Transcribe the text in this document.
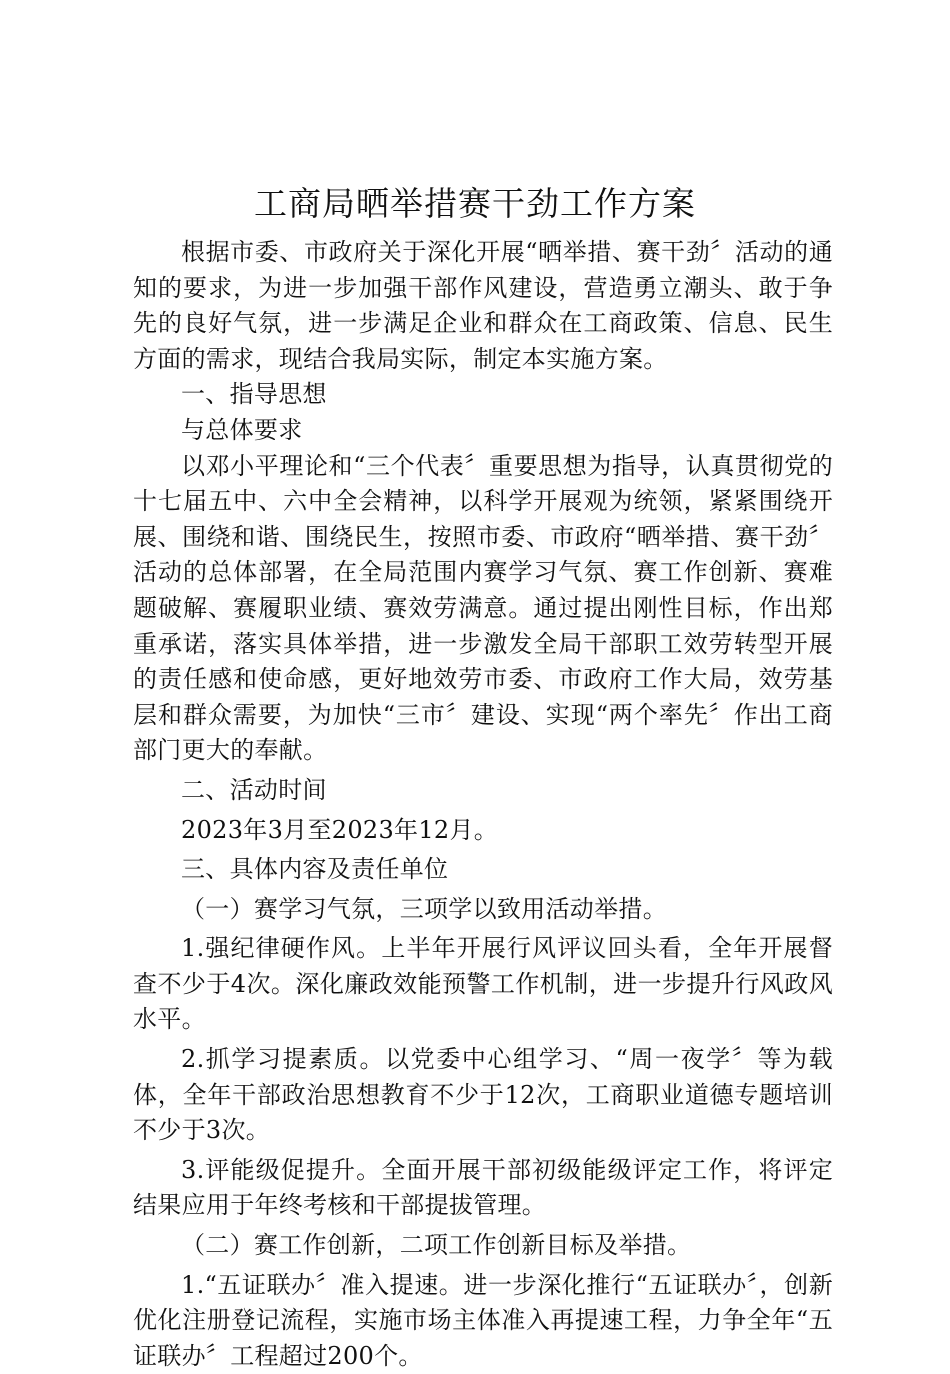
工商局晒举措赛干劲工作方案

根据市委、市政府关于深化开展“晒举措、赛干劲〞活动的通知的要求，为进一步加强干部作风建设，营造勇立潮头、敢于争先的良好气氛，进一步满足企业和群众在工商政策、信息、民生方面的需求，现结合我局实际，制定本实施方案。

一、指导思想

与总体要求

以邓小平理论和“三个代表〞重要思想为指导，认真贯彻党的十七届五中、六中全会精神，以科学开展观为统领，紧紧围绕开展、围绕和谐、围绕民生，按照市委、市政府“晒举措、赛干劲〞活动的总体部署，在全局范围内赛学习气氛、赛工作创新、赛难题破解、赛履职业绩、赛效劳满意。通过提出刚性目标，作出郑重承诺，落实具体举措，进一步激发全局干部职工效劳转型开展的责任感和使命感，更好地效劳市委、市政府工作大局，效劳基层和群众需要，为加快“三市〞建设、实现“两个率先〞作出工商部门更大的奉献。

二、活动时间

2023年3月至2023年12月。

三、具体内容及责任单位

（一）赛学习气氛，三项学以致用活动举措。

1.强纪律硬作风。上半年开展行风评议回头看，全年开展督查不少于4次。深化廉政效能预警工作机制，进一步提升行风政风水平。

2.抓学习提素质。以党委中心组学习、“周一夜学〞等为载体，全年干部政治思想教育不少于12次，工商职业道德专题培训不少于3次。

3.评能级促提升。全面开展干部初级能级评定工作，将评定结果应用于年终考核和干部提拔管理。

（二）赛工作创新，二项工作创新目标及举措。

1.“五证联办〞准入提速。进一步深化推行“五证联办〞，创新优化注册登记流程，实施市场主体准入再提速工程，力争全年“五证联办〞工程超过200个。
